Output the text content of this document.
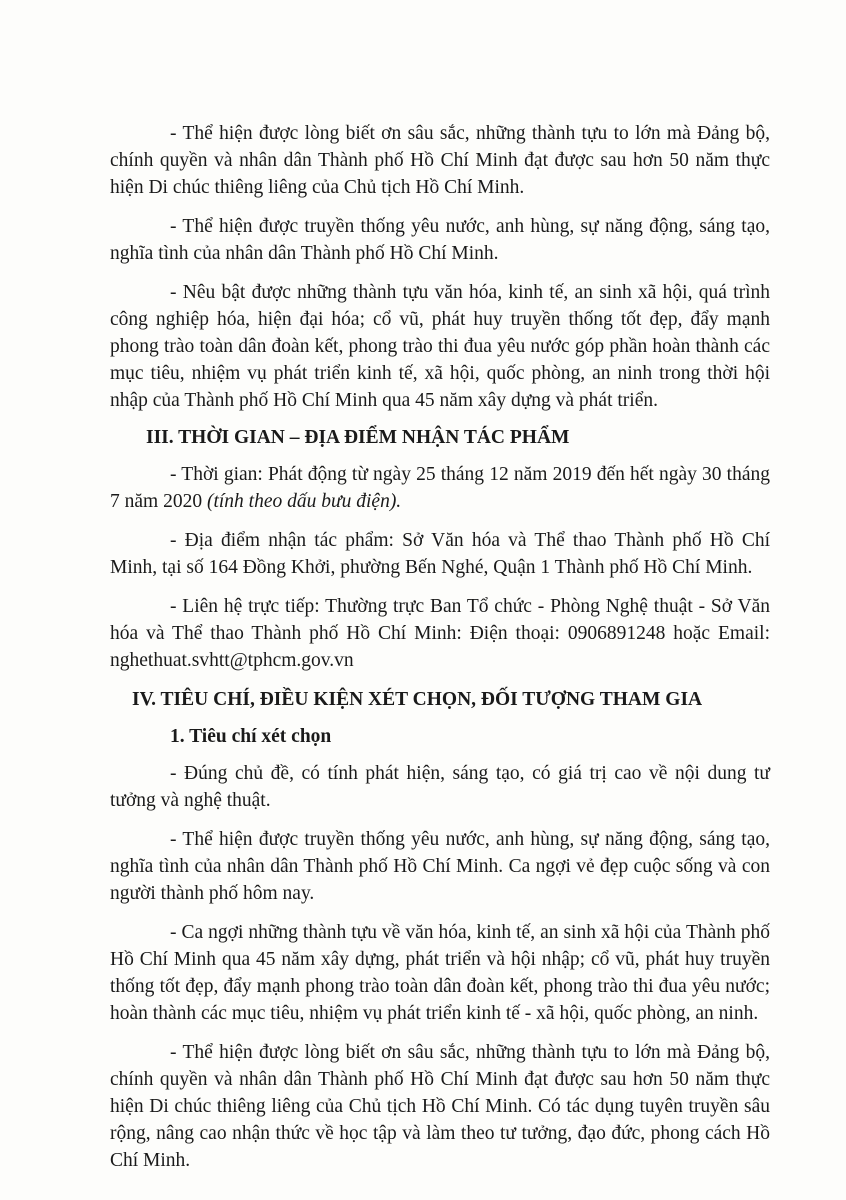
- Thể hiện được lòng biết ơn sâu sắc, những thành tựu to lớn mà Đảng bộ, chính quyền và nhân dân Thành phố Hồ Chí Minh đạt được sau hơn 50 năm thực hiện Di chúc thiêng liêng của Chủ tịch Hồ Chí Minh.

- Thể hiện được truyền thống yêu nước, anh hùng, sự năng động, sáng tạo, nghĩa tình của nhân dân Thành phố Hồ Chí Minh.

- Nêu bật được những thành tựu văn hóa, kinh tế, an sinh xã hội, quá trình công nghiệp hóa, hiện đại hóa; cổ vũ, phát huy truyền thống tốt đẹp, đẩy mạnh phong trào toàn dân đoàn kết, phong trào thi đua yêu nước góp phần hoàn thành các mục tiêu, nhiệm vụ phát triển kinh tế, xã hội, quốc phòng, an ninh trong thời hội nhập của Thành phố Hồ Chí Minh qua 45 năm xây dựng và phát triển.

III. THỜI GIAN – ĐỊA ĐIỂM NHẬN TÁC PHẨM

- Thời gian: Phát động từ ngày 25 tháng 12 năm 2019 đến hết ngày 30 tháng 7 năm 2020 (tính theo dấu bưu điện).

- Địa điểm nhận tác phẩm: Sở Văn hóa và Thể thao Thành phố Hồ Chí Minh, tại số 164 Đồng Khởi, phường Bến Nghé, Quận 1 Thành phố Hồ Chí Minh.

- Liên hệ trực tiếp: Thường trực Ban Tổ chức - Phòng Nghệ thuật - Sở Văn hóa và Thể thao Thành phố Hồ Chí Minh: Điện thoại: 0906891248 hoặc Email: nghethuat.svhtt@tphcm.gov.vn

IV. TIÊU CHÍ, ĐIỀU KIỆN XÉT CHỌN, ĐỐI TƯỢNG THAM GIA
1. Tiêu chí xét chọn

- Đúng chủ đề, có tính phát hiện, sáng tạo, có giá trị cao về nội dung tư tưởng và nghệ thuật.

- Thể hiện được truyền thống yêu nước, anh hùng, sự năng động, sáng tạo, nghĩa tình của nhân dân Thành phố Hồ Chí Minh. Ca ngợi vẻ đẹp cuộc sống và con người thành phố hôm nay.

- Ca ngợi những thành tựu về văn hóa, kinh tế, an sinh xã hội của Thành phố Hồ Chí Minh qua 45 năm xây dựng, phát triển và hội nhập; cổ vũ, phát huy truyền thống tốt đẹp, đẩy mạnh phong trào toàn dân đoàn kết, phong trào thi đua yêu nước; hoàn thành các mục tiêu, nhiệm vụ phát triển kinh tế - xã hội, quốc phòng, an ninh.

- Thể hiện được lòng biết ơn sâu sắc, những thành tựu to lớn mà Đảng bộ, chính quyền và nhân dân Thành phố Hồ Chí Minh đạt được sau hơn 50 năm thực hiện Di chúc thiêng liêng của Chủ tịch Hồ Chí Minh. Có tác dụng tuyên truyền sâu rộng, nâng cao nhận thức về học tập và làm theo tư tưởng, đạo đức, phong cách Hồ Chí Minh.
